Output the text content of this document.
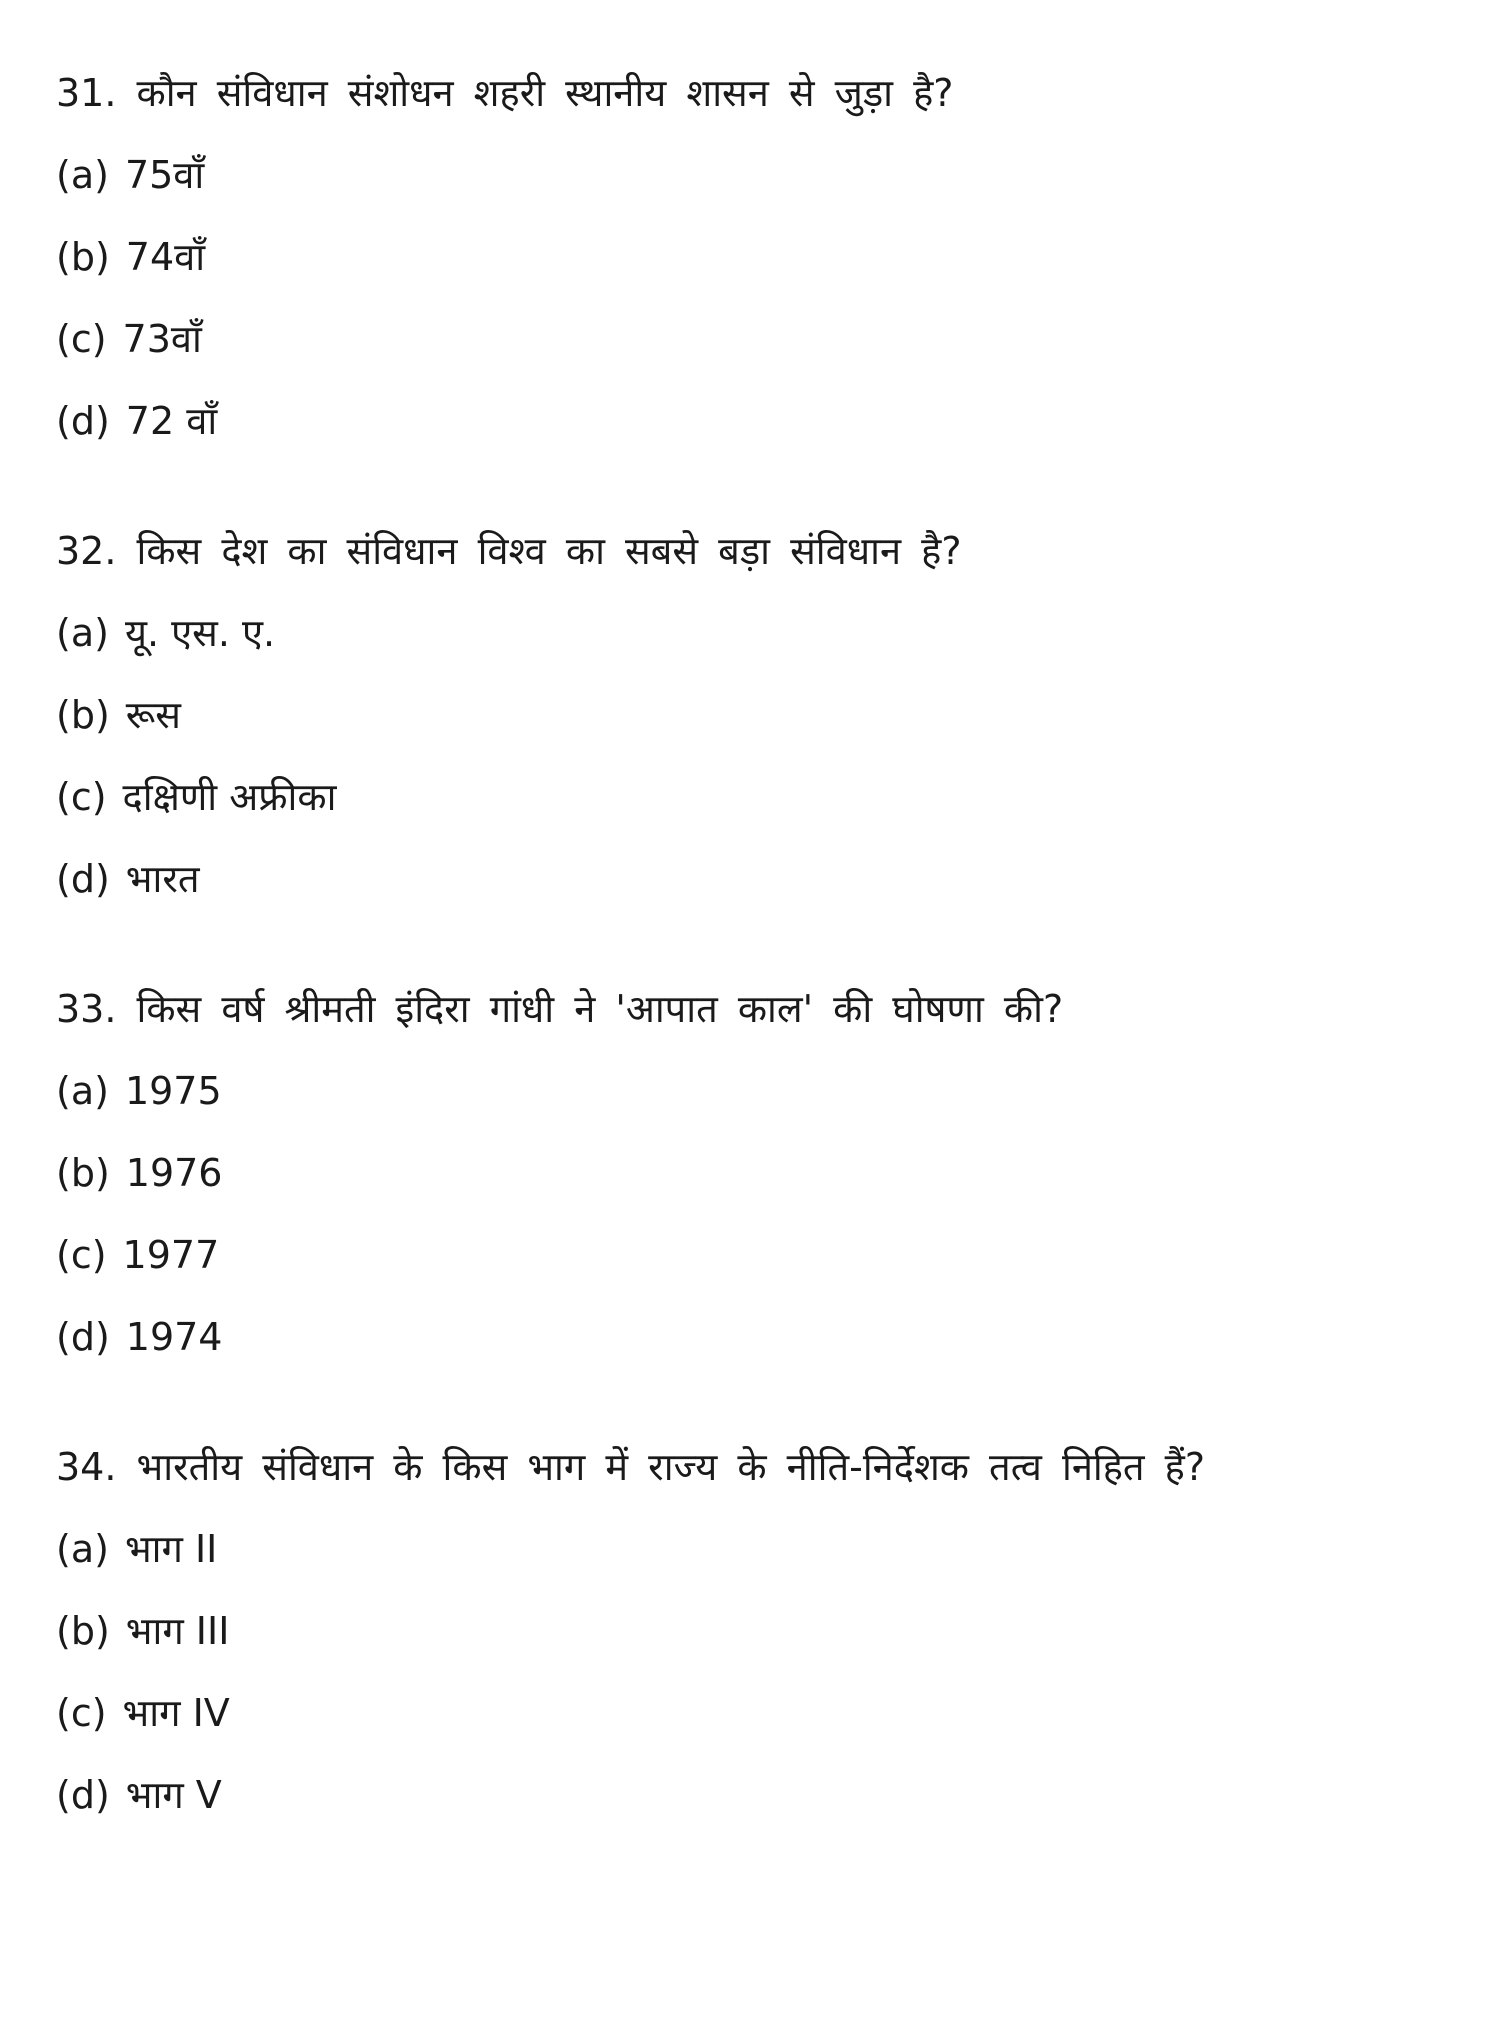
31. कौन संविधान संशोधन शहरी स्थानीय शासन से जुड़ा है?
(a) 75वाँ
(b) 74वाँ
(c) 73वाँ
(d) 72 वाँ
32. किस देश का संविधान विश्व का सबसे बड़ा संविधान है?
(a) यू. एस. ए.
(b) रूस
(c) दक्षिणी अफ्रीका
(d) भारत
33. किस वर्ष श्रीमती इंदिरा गांधी ने 'आपात काल' की घोषणा की?
(a) 1975
(b) 1976
(c) 1977
(d) 1974
34. भारतीय संविधान के किस भाग में राज्य के नीति-निर्देशक तत्व निहित हैं?
(a) भाग II
(b) भाग III
(c) भाग IV
(d) भाग V
